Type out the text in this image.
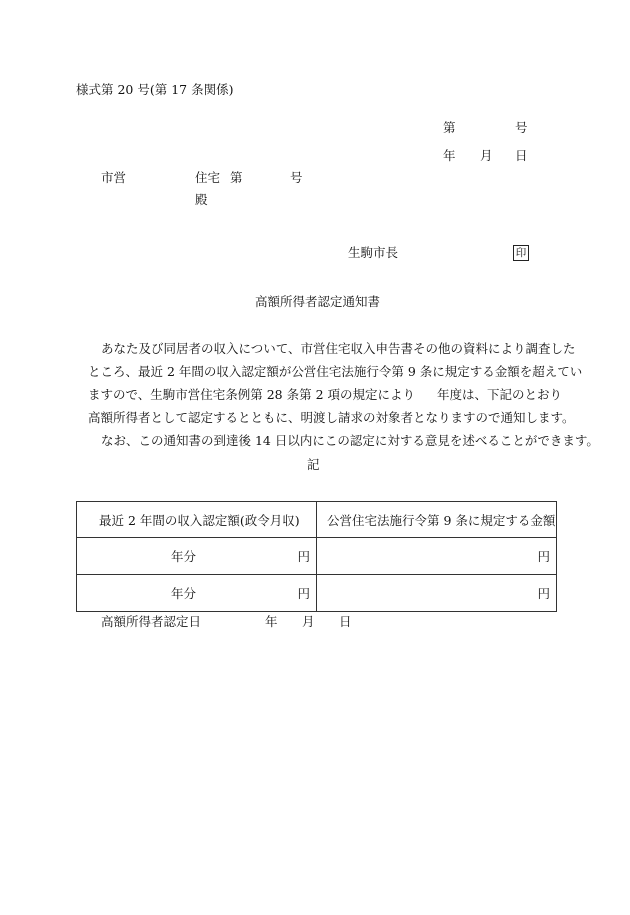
様式第 20 号(第 17 条関係)
第	号
年 月 日
市営	住宅 第	号
殿
生駒市長	印
高額所得者認定通知書
あなた及び同居者の収入について、市営住宅収入申告書その他の資料により調査した
ところ、最近 2 年間の収入認定額が公営住宅法施行令第 9 条に規定する金額を超えてい
ますので、生駒市営住宅条例第 28 条第 2 項の規定により 年度は、下記のとおり
高額所得者として認定するとともに、明渡し請求の対象者となりますので通知します。
なお、この通知書の到達後 14 日以内にこの認定に対する意見を述べることができます。
記
最近 2 年間の収入認定額(政令月収)	公営住宅法施行令第 9 条に規定する金額

年分 円	円

年分 円	円
高額所得者認定日	年 月 日
